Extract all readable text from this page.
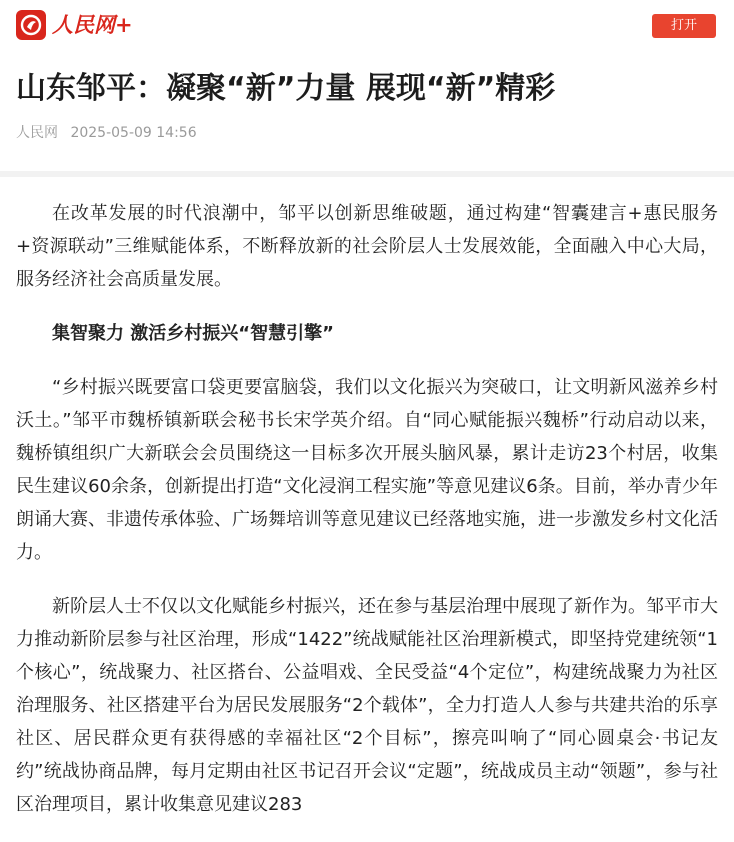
人民网+	打开
山东邹平：凝聚“新”力量 展现“新”精彩
人民网 2025-05-09 14:56

在改革发展的时代浪潮中，邹平以创新思维破题，通过构建“智囊建言+惠民服务+资源联动”三维赋能体系，不断释放新的社会阶层人士发展效能，全面融入中心大局，服务经济社会高质量发展。

集智聚力 激活乡村振兴“智慧引擎”

“乡村振兴既要富口袋更要富脑袋，我们以文化振兴为突破口，让文明新风滋养乡村沃土。”邹平市魏桥镇新联会秘书长宋学英介绍。自“同心赋能振兴魏桥”行动启动以来，魏桥镇组织广大新联会会员围绕这一目标多次开展头脑风暴，累计走访23个村居，收集民生建议60余条，创新提出打造“文化浸润工程实施”等意见建议6条。目前，举办青少年朗诵大赛、非遗传承体验、广场舞培训等意见建议已经落地实施，进一步激发乡村文化活力。

新阶层人士不仅以文化赋能乡村振兴，还在参与基层治理中展现了新作为。邹平市大力推动新阶层参与社区治理，形成“1422”统战赋能社区治理新模式，即坚持党建统领“1个核心”，统战聚力、社区搭台、公益唱戏、全民受益“4个定位”，构建统战聚力为社区治理服务、社区搭建平台为居民发展服务“2个载体”，全力打造人人参与共建共治的乐享社区、居民群众更有获得感的幸福社区“2个目标”，擦亮叫响了“同心圆桌会·书记友约”统战协商品牌，每月定期由社区书记召开会议“定题”，统战成员主动“领题”，参与社区治理项目，累计收集意见建议283
